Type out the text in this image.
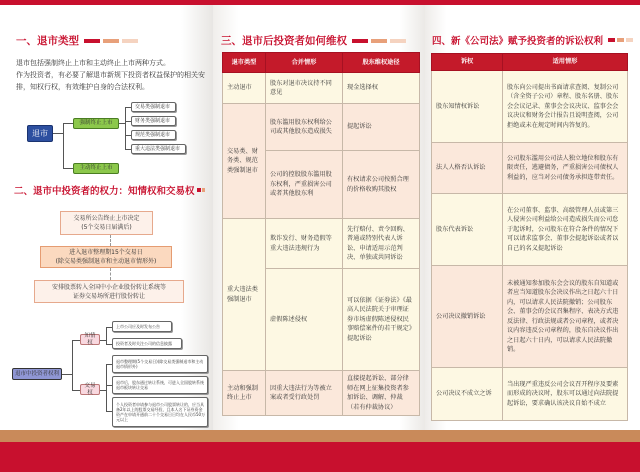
一、退市类型
退市包括强制终止上市和主动终止上市两种方式。
作为投资者，有必要了解退市新规下投资者权益保护的相关安排，知权行权，有效维护自身的合法权利。
退市
强制终止上市
主动终止上市
交易类强制退市
财务类强制退市
规范类强制退市
重大违法类强制退市
二、退市中投资者的权力：知情权和交易权
交易所公告终止上市决定
(5个交易日届满后)
进入退市整理期15个交易日
(除交易类强制退市和主动退市情形外)
安排股票转入全国中小企业股份转让系统等
证券交易场所进行股份转让
退市中投资者权利
知情权
交易权
上市公司应及时发布公告
投资者及时关注公司的信息披露
退市整理期(5个交易日)(除交易类强制退市和主动退市情形外)
退市后，股东通过转让系统，可进入全国股转系统退市板块转让交易
个人投资者申请参与退市公司股票转让的，应当具备2年以上的股票交易经验，且本人名下证券资金资产在申请开通前二十个交易日日均在人民币50万元以上
三、退市后投资者如何维权
退市类型	合并情形	股东维权途径
主动退市	股东对退市决议持不同意见	现金选择权
交易类、财务类、规范类强制退市	股东滥用股东权利给公司或其他股东造成损失	提起诉讼
	公司的控股股东滥用股东权利，严重损害公司或者其他股东利	有权请求公司按照合理的价格收购其股权
重大违法类强制退市	欺诈发行、财务造假等重大违法违规行为	先行赔付、责令回购、普通或特别代表人诉讼、申请适用示范判决、单独或共同诉讼
	虚假陈述侵权	可以依据《证券法》《最高人民法院关于审理证券市场虚假陈述侵权民事赔偿案件的若干规定》提起诉讼
主动和强制终止上市	因重大违法行为等被立案或者受行政处罚	直接提起诉讼、部分律师在网上征集投资者参加诉讼、调解、仲裁（若有仲裁协议）
四、新《公司法》赋予投资者的诉讼权利
诉权	适用情形
股东知情权诉讼	股东向公司提出书面请求查阅、复制公司（含全资子公司）章程、股东名册、股东会会议记录、董事会会议决议、监事会会议决议和财务会计报告且说明查阅，公司拒绝或未在规定时间内答复的。
法人人格否认诉讼	公司股东滥用公司法人独立地位和股东有限责任，逃避债务，严重损害公司债权人利益的，应当对公司债务承担连带责任。
股东代表诉讼	在公司董事、监事、高级管理人员或第三人侵害公司利益给公司造成损失而公司怠于起诉时，公司股东在符合条件的情况下可以请求监事会、董事会提起诉讼或者以自己的名义提起诉讼
公司决议撤销诉讼	未被通知参加股东会会议的股东自知道或者应当知道股东会决议作出之日起六十日内，可以请求人民法院撤销；公司股东会、董事会的会议召集程序、表决方式违反法律、行政法规或者公司章程，或者决议内容违反公司章程的，股东自决议作出之日起六十日内，可以请求人民法院撤销。
公司决议不成立之诉	当出现严重违反公司会议召开程序及要素而形成的决议时，股东可以通过向法院提起诉讼，要求确认该决议自始不成立
